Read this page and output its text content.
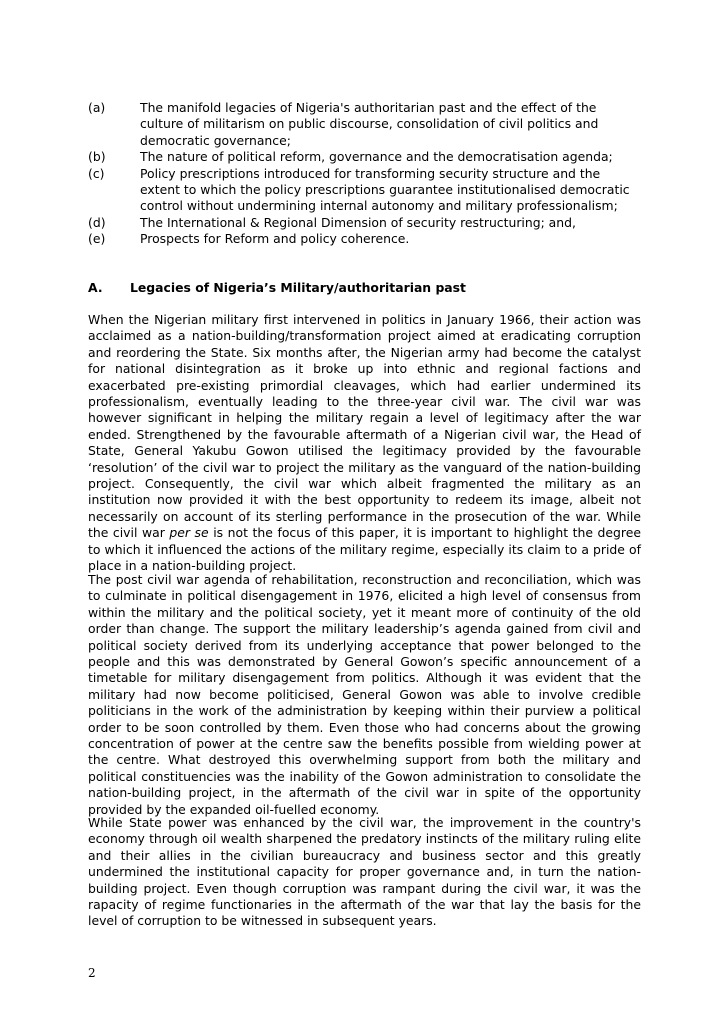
(a)	The manifold legacies of Nigeria's authoritarian past and the effect of the culture of militarism on public discourse, consolidation of civil politics and democratic governance;
(b)	The nature of political reform, governance and the democratisation agenda;
(c)	Policy prescriptions introduced for transforming security structure and the extent to which the policy prescriptions guarantee institutionalised democratic control without undermining internal autonomy and military professionalism;
(d)	The International & Regional Dimension of security restructuring; and,
(e)	Prospects for Reform and policy coherence.
A. Legacies of Nigeria’s Military/authoritarian past
When the Nigerian military first intervened in politics in January 1966, their action was acclaimed as a nation-building/transformation project aimed at eradicating corruption and reordering the State. Six months after, the Nigerian army had become the catalyst for national disintegration as it broke up into ethnic and regional factions and exacerbated pre-existing primordial cleavages, which had earlier undermined its professionalism, eventually leading to the three-year civil war. The civil war was however significant in helping the military regain a level of legitimacy after the war ended. Strengthened by the favourable aftermath of a Nigerian civil war, the Head of State, General Yakubu Gowon utilised the legitimacy provided by the favourable ‘resolution’ of the civil war to project the military as the vanguard of the nation-building project. Consequently, the civil war which albeit fragmented the military as an institution now provided it with the best opportunity to redeem its image, albeit not necessarily on account of its sterling performance in the prosecution of the war. While the civil war per se is not the focus of this paper, it is important to highlight the degree to which it influenced the actions of the military regime, especially its claim to a pride of place in a nation-building project.
The post civil war agenda of rehabilitation, reconstruction and reconciliation, which was to culminate in political disengagement in 1976, elicited a high level of consensus from within the military and the political society, yet it meant more of continuity of the old order than change. The support the military leadership’s agenda gained from civil and political society derived from its underlying acceptance that power belonged to the people and this was demonstrated by General Gowon’s specific announcement of a timetable for military disengagement from politics. Although it was evident that the military had now become politicised, General Gowon was able to involve credible politicians in the work of the administration by keeping within their purview a political order to be soon controlled by them. Even those who had concerns about the growing concentration of power at the centre saw the benefits possible from wielding power at the centre. What destroyed this overwhelming support from both the military and political constituencies was the inability of the Gowon administration to consolidate the nation-building project, in the aftermath of the civil war in spite of the opportunity provided by the expanded oil-fuelled economy.
While State power was enhanced by the civil war, the improvement in the country's economy through oil wealth sharpened the predatory instincts of the military ruling elite and their allies in the civilian bureaucracy and business sector and this greatly undermined the institutional capacity for proper governance and, in turn the nation-building project. Even though corruption was rampant during the civil war, it was the rapacity of regime functionaries in the aftermath of the war that lay the basis for the level of corruption to be witnessed in subsequent years.
2
